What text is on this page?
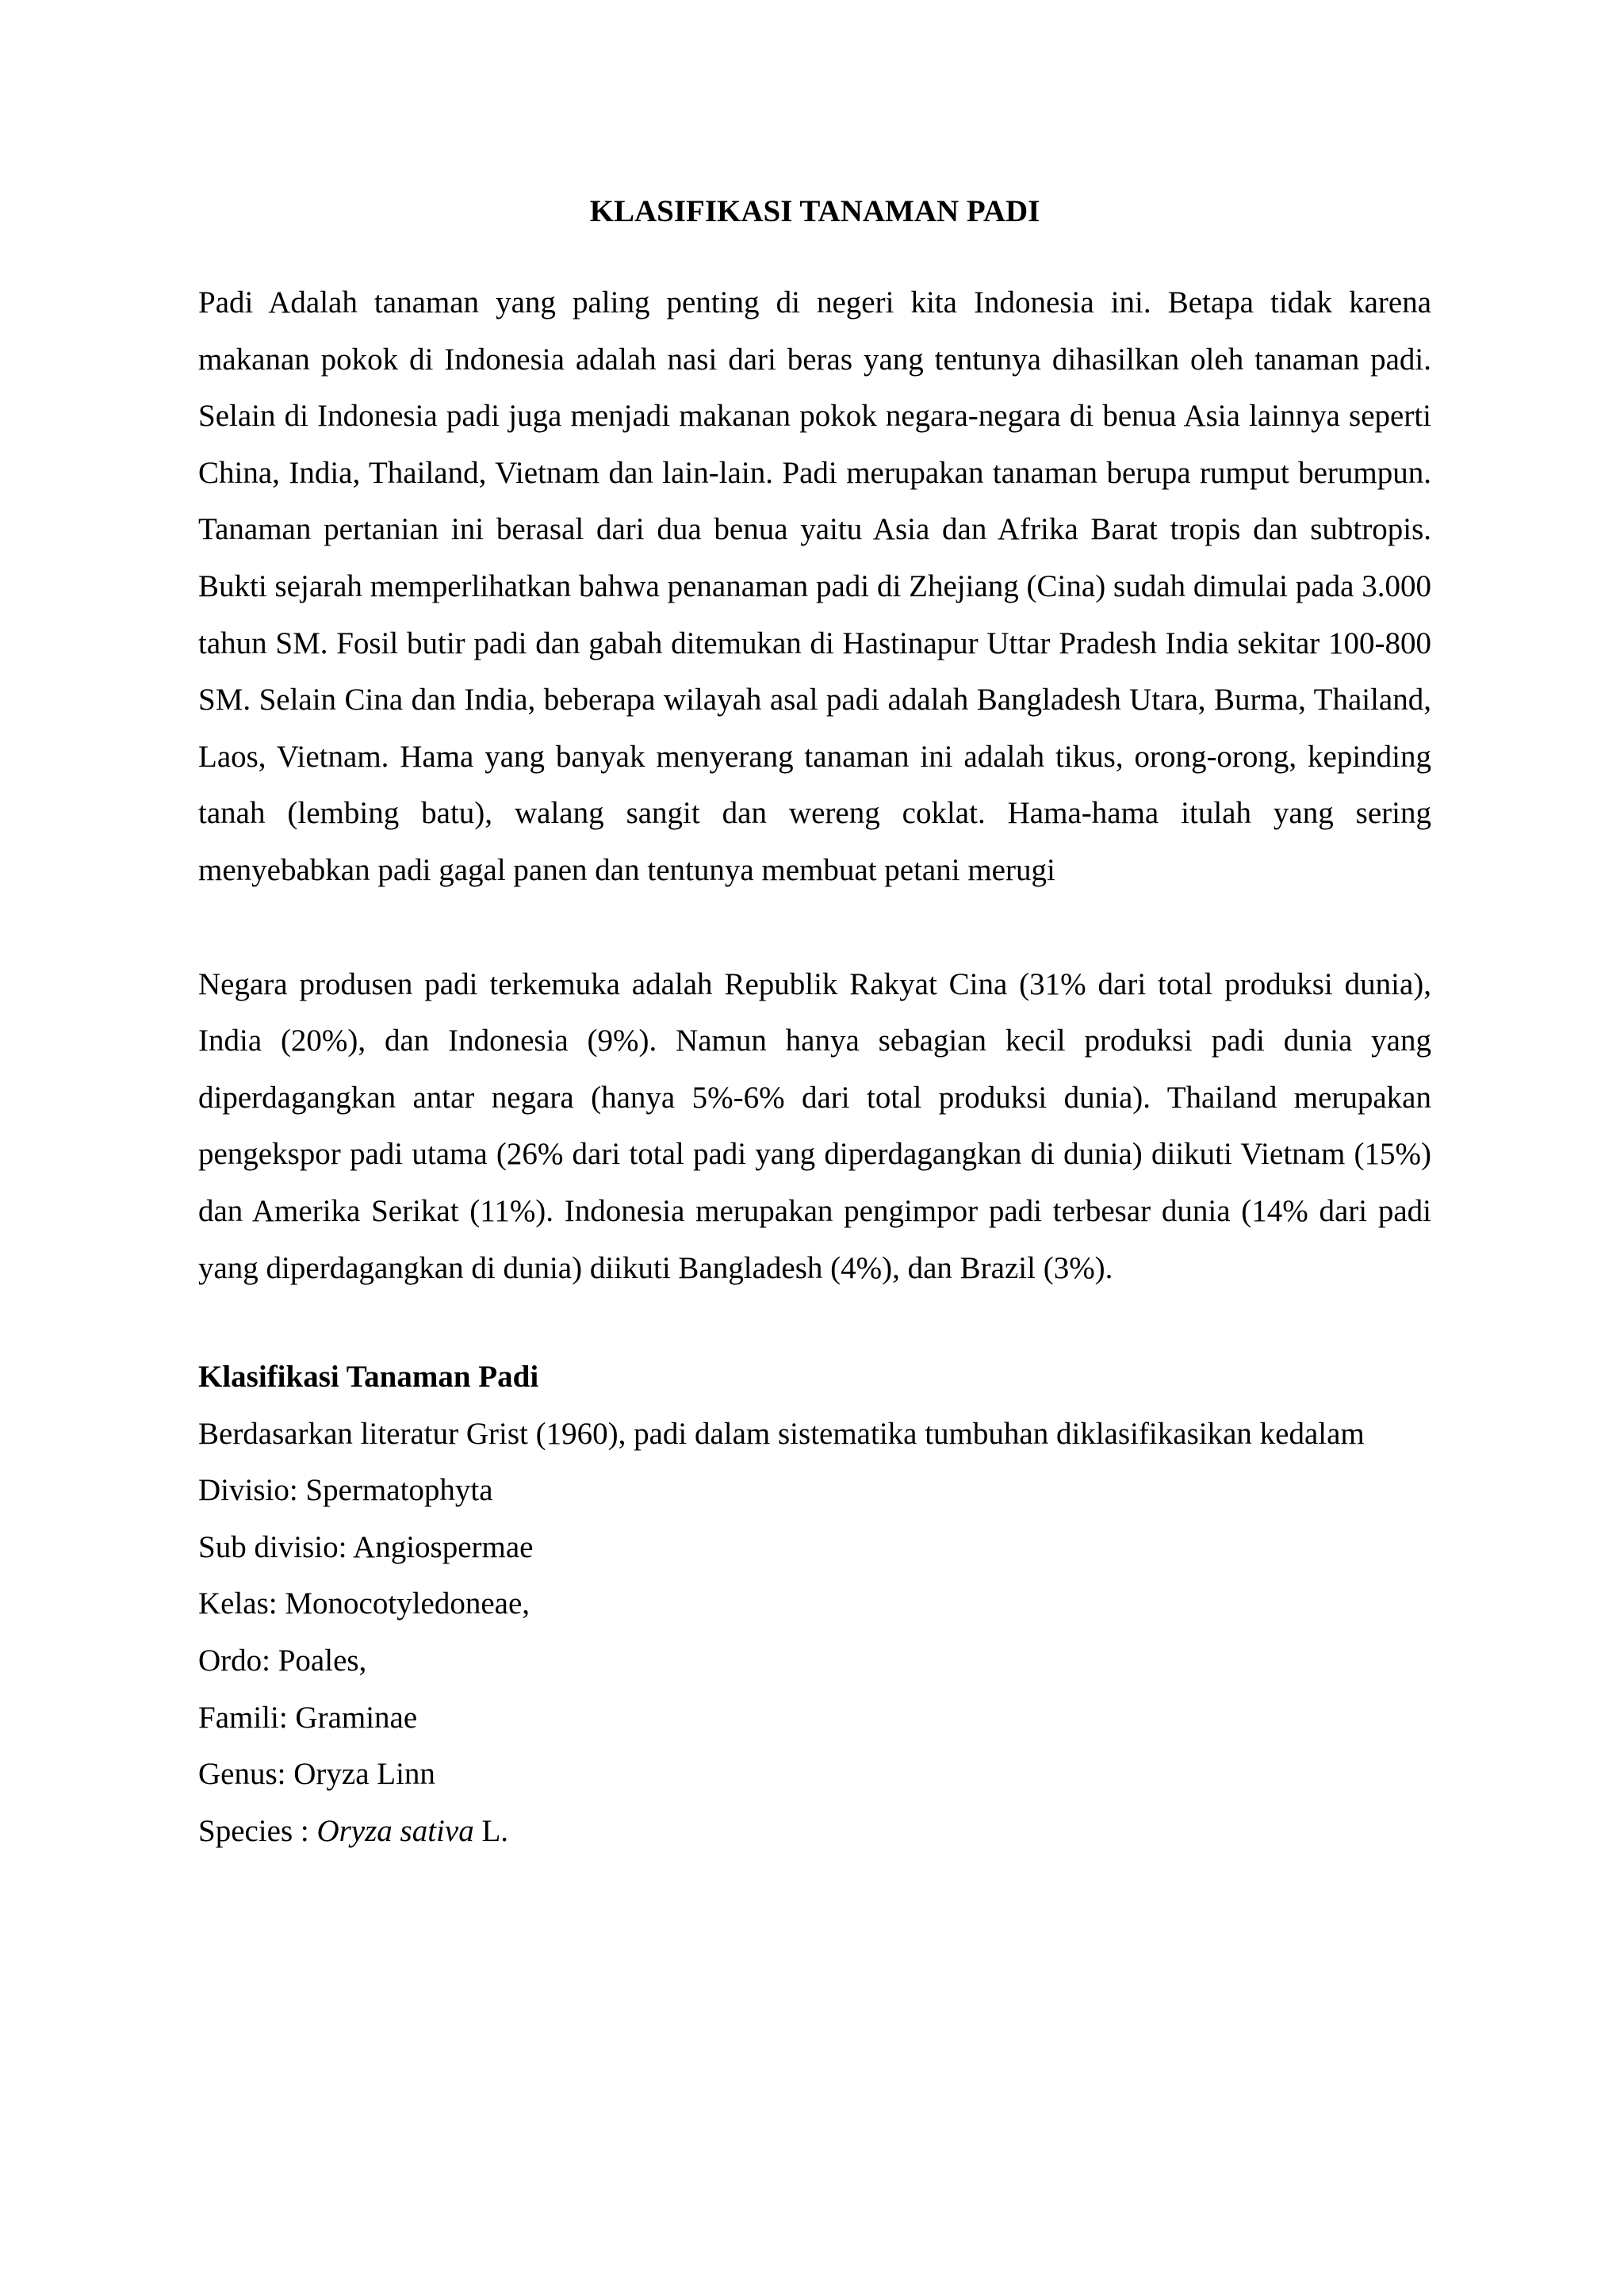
KLASIFIKASI TANAMAN PADI

Padi Adalah tanaman yang paling penting di negeri kita Indonesia ini. Betapa tidak karena makanan pokok di Indonesia adalah nasi dari beras yang tentunya dihasilkan oleh tanaman padi. Selain di Indonesia padi juga menjadi makanan pokok negara-negara di benua Asia lainnya seperti China, India, Thailand, Vietnam dan lain-lain. Padi merupakan tanaman berupa rumput berumpun. Tanaman pertanian ini berasal dari dua benua yaitu Asia dan Afrika Barat tropis dan subtropis. Bukti sejarah memperlihatkan bahwa penanaman padi di Zhejiang (Cina) sudah dimulai pada 3.000 tahun SM. Fosil butir padi dan gabah ditemukan di Hastinapur Uttar Pradesh India sekitar 100-800 SM. Selain Cina dan India, beberapa wilayah asal padi adalah Bangladesh Utara, Burma, Thailand, Laos, Vietnam. Hama yang banyak menyerang tanaman ini adalah tikus, orong-orong, kepinding tanah (lembing batu), walang sangit dan wereng coklat. Hama-hama itulah yang sering menyebabkan padi gagal panen dan tentunya membuat petani merugi

Negara produsen padi terkemuka adalah Republik Rakyat Cina (31% dari total produksi dunia), India (20%), dan Indonesia (9%). Namun hanya sebagian kecil produksi padi dunia yang diperdagangkan antar negara (hanya 5%-6% dari total produksi dunia). Thailand merupakan pengekspor padi utama (26% dari total padi yang diperdagangkan di dunia) diikuti Vietnam (15%) dan Amerika Serikat (11%). Indonesia merupakan pengimpor padi terbesar dunia (14% dari padi yang diperdagangkan di dunia) diikuti Bangladesh (4%), dan Brazil (3%).

Klasifikasi Tanaman Padi

Berdasarkan literatur Grist (1960), padi dalam sistematika tumbuhan diklasifikasikan kedalam

Divisio: Spermatophyta

Sub divisio: Angiospermae

Kelas: Monocotyledoneae,

Ordo: Poales,

Famili: Graminae

Genus: Oryza Linn

Species : Oryza sativa L.
